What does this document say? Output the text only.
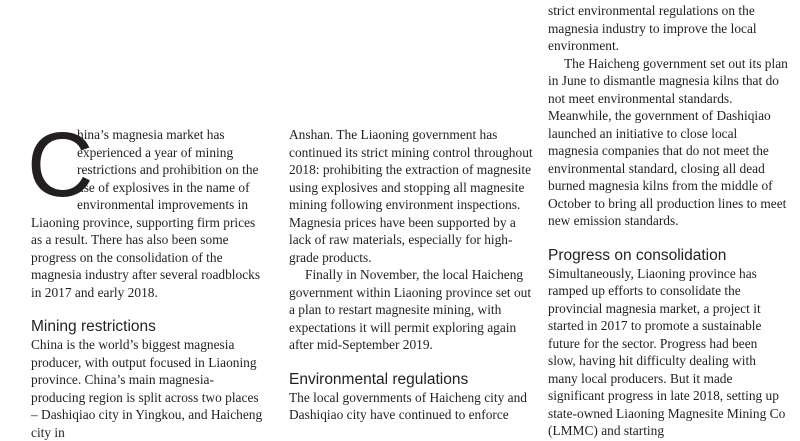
C
hina’s magnesia market has experienced a year of mining restrictions and prohibition on the use of explosives in the name of environmental improvements in Liaoning province, supporting firm prices as a result. There has also been some progress on the consolidation of the magnesia industry after several roadblocks in 2017 and early 2018.

Mining restrictions

China is the world’s biggest magnesia producer, with output focused in Liaoning province. China’s main magnesia-producing region is split across two places – Dashiqiao city in Yingkou, and Haicheng city in

Anshan. The Liaoning government has continued its strict mining control throughout 2018: prohibiting the extraction of magnesite using explosives and stopping all magnesite mining following environment inspections. Magnesia prices have been supported by a lack of raw materials, especially for high-grade products.

Finally in November, the local Haicheng government within Liaoning province set out a plan to restart magnesite mining, with expectations it will permit exploring again after mid-September 2019.

Environmental regulations

The local governments of Haicheng city and Dashiqiao city have continued to enforce

strict environmental regulations on the magnesia industry to improve the local environment.

The Haicheng government set out its plan in June to dismantle magnesia kilns that do not meet environmental standards. Meanwhile, the government of Dashiqiao launched an initiative to close local magnesia companies that do not meet the environmental standard, closing all dead burned magnesia kilns from the middle of October to bring all production lines to meet new emission standards.

Progress on consolidation

Simultaneously, Liaoning province has ramped up efforts to consolidate the provincial magnesia market, a project it started in 2017 to promote a sustainable future for the sector. Progress had been slow, having hit difficulty dealing with many local producers. But it made significant progress in late 2018, setting up state-owned Liaoning Magnesite Mining Co (LMMC) and starting
